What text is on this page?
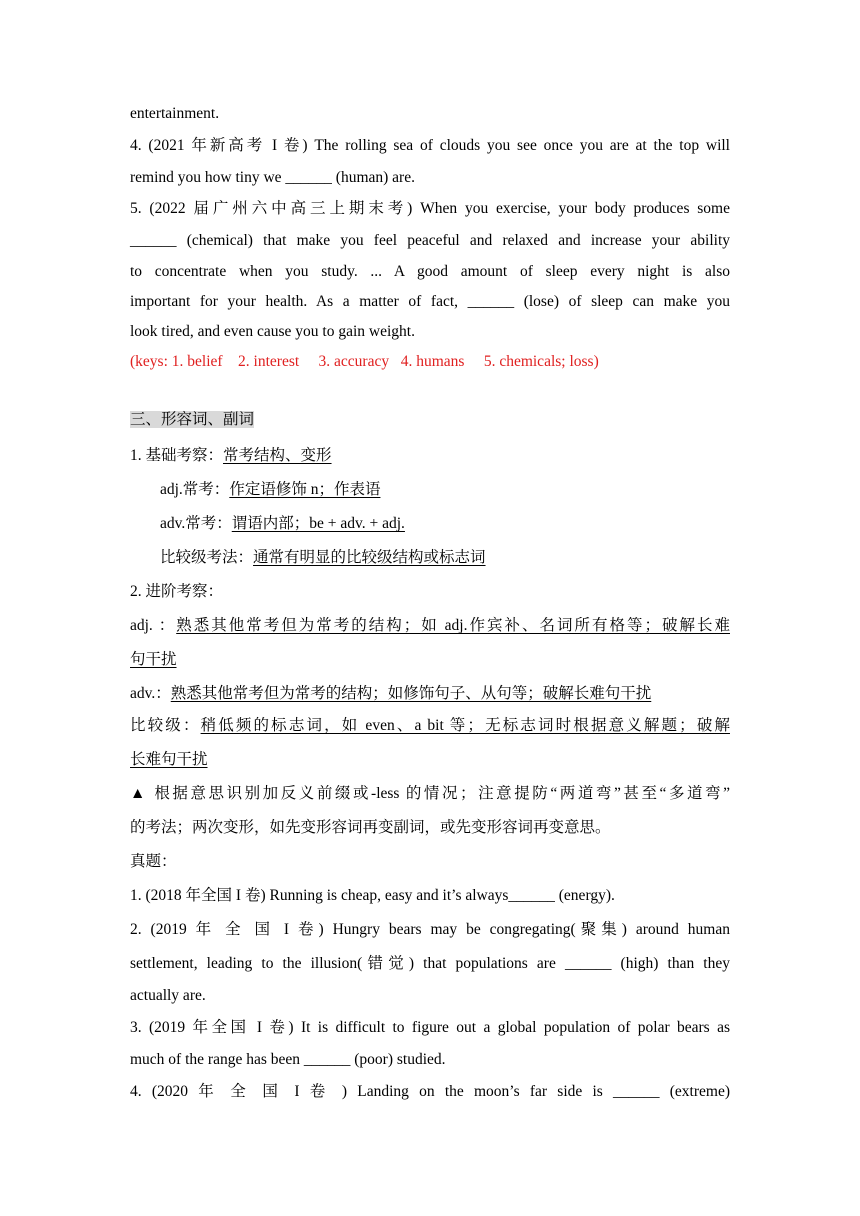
entertainment.
4. (2021 年新高考 I 卷) The rolling sea of clouds you see once you are at the top will
remind you how tiny we ______ (human) are.
5. (2022 届广州六中高三上期末考) When you exercise, your body produces some
______ (chemical) that make you feel peaceful and relaxed and increase your ability
to concentrate when you study. ... A good amount of sleep every night is also
important for your health. As a matter of fact, ______ (lose) of sleep can make you
look tired, and even cause you to gain weight.
(keys: 1. belief    2. interest     3. accuracy   4. humans     5. chemicals; loss)
三、形容词、副词
1. 基础考察：常考结构、变形
adj.常考：作定语修饰 n；作表语
adv.常考：谓语内部；be + adv. + adj.
比较级考法：通常有明显的比较级结构或标志词
2. 进阶考察：
adj. ：熟悉其他常考但为常考的结构；如 adj.作宾补、名词所有格等；破解长难
句干扰
adv.：熟悉其他常考但为常考的结构；如修饰句子、从句等；破解长难句干扰
比较级：稍低频的标志词，如 even、a bit 等；无标志词时根据意义解题；破解
长难句干扰
▲ 根据意思识别加反义前缀或-less 的情况；注意提防“两道弯”甚至“多道弯”
的考法；两次变形，如先变形容词再变副词，或先变形容词再变意思。
真题：
1. (2018 年全国 I 卷) Running is cheap, easy and it’s always______ (energy).
2. (2019 年 全 国 I 卷) Hungry bears may be congregating(聚集) around human
settlement, leading to the illusion(错觉) that populations are ______ (high) than they
actually are.
3. (2019 年全国 I 卷) It is difficult to figure out a global population of polar bears as
much of the range has been ______ (poor) studied.
4. (2020 年 全 国 I 卷 ) Landing on the moon’s far side is ______ (extreme)
